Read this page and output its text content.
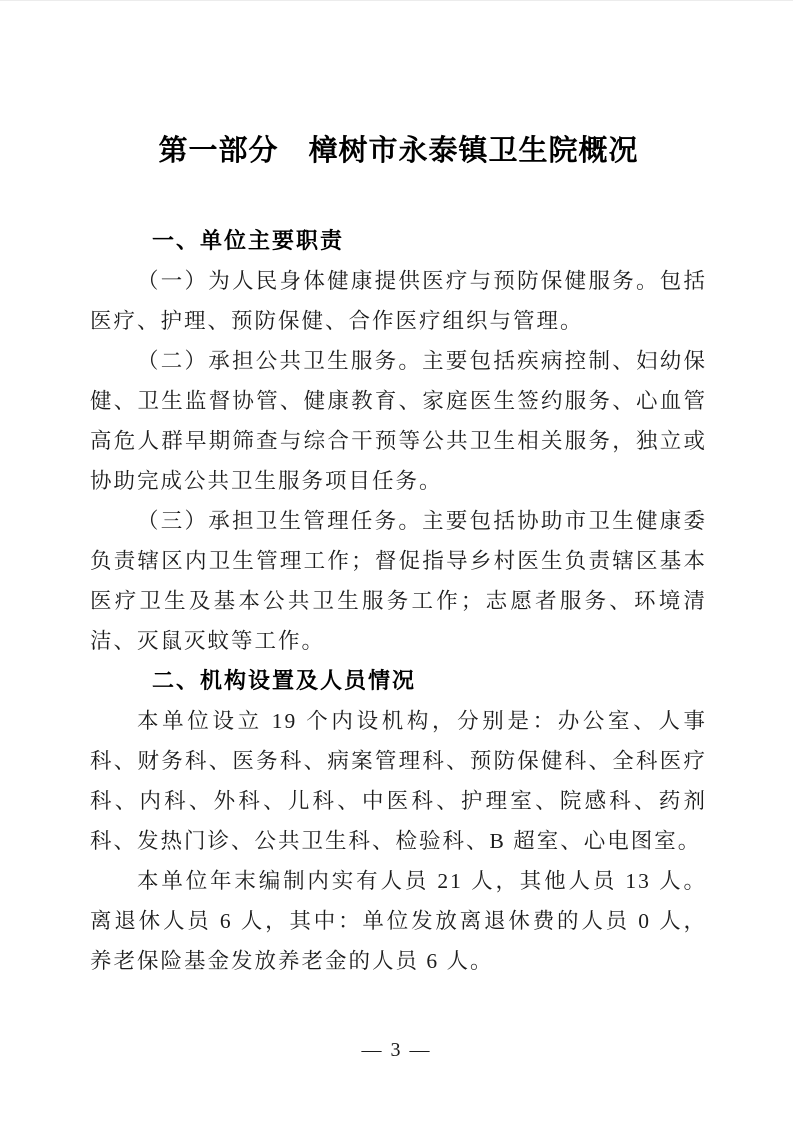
第一部分　樟树市永泰镇卫生院概况
一、单位主要职责

（一）为人民身体健康提供医疗与预防保健服务。包括医疗、护理、预防保健、合作医疗组织与管理。

（二）承担公共卫生服务。主要包括疾病控制、妇幼保健、卫生监督协管、健康教育、家庭医生签约服务、心血管高危人群早期筛查与综合干预等公共卫生相关服务，独立或协助完成公共卫生服务项目任务。

（三）承担卫生管理任务。主要包括协助市卫生健康委负责辖区内卫生管理工作；督促指导乡村医生负责辖区基本医疗卫生及基本公共卫生服务工作；志愿者服务、环境清洁、灭鼠灭蚊等工作。

二、机构设置及人员情况

本单位设立 19 个内设机构，分别是：办公室、人事科、财务科、医务科、病案管理科、预防保健科、全科医疗科、内科、外科、儿科、中医科、护理室、院感科、药剂科、发热门诊、公共卫生科、检验科、B 超室、心电图室。

本单位年末编制内实有人员 21 人，其他人员 13 人。离退休人员 6 人，其中：单位发放离退休费的人员 0 人，养老保险基金发放养老金的人员 6 人。

— 3 —
